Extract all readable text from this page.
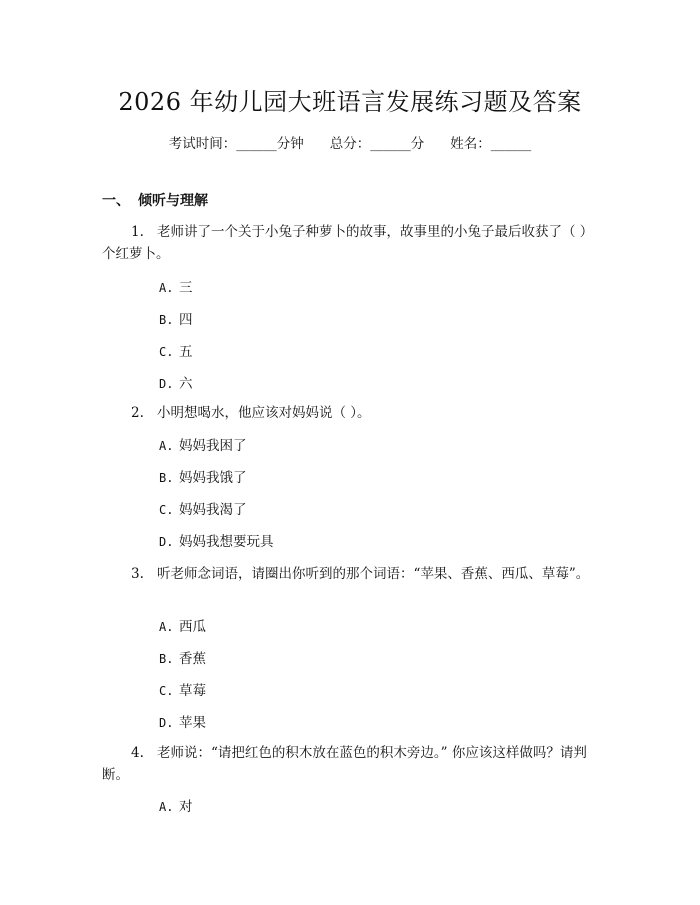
2026 年幼儿园大班语言发展练习题及答案
考试时间：______分钟 总分：______分 姓名：______
一、 倾听与理解
1. 老师讲了一个关于小兔子种萝卜的故事，故事里的小兔子最后收获了（ ）个红萝卜。
A. 三
B. 四
C. 五
D. 六
2. 小明想喝水，他应该对妈妈说（ ）。
A. 妈妈我困了
B. 妈妈我饿了
C. 妈妈我渴了
D. 妈妈我想要玩具
3. 听老师念词语，请圈出你听到的那个词语：“苹果、香蕉、西瓜、草莓”。
A. 西瓜
B. 香蕉
C. 草莓
D. 苹果
4. 老师说：“请把红色的积木放在蓝色的积木旁边。” 你应该这样做吗？请判断。
A. 对
